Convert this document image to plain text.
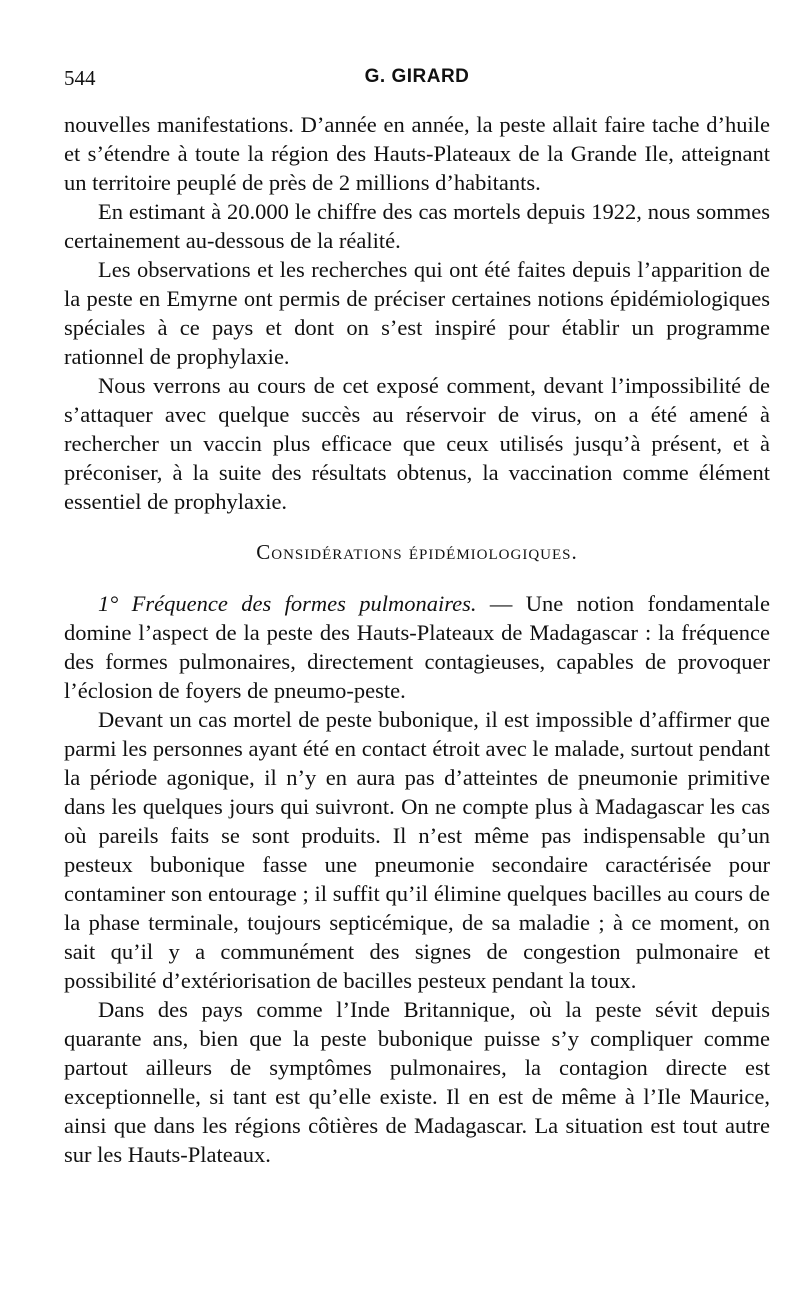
544	G. GIRARD

nouvelles manifestations. D’année en année, la peste allait faire tache d’huile et s’étendre à toute la région des Hauts-Plateaux de la Grande Ile, atteignant un territoire peuplé de près de 2 millions d’habitants.

En estimant à 20.000 le chiffre des cas mortels depuis 1922, nous sommes certainement au-dessous de la réalité.

Les observations et les recherches qui ont été faites depuis l’apparition de la peste en Emyrne ont permis de préciser certaines notions épidémiologiques spéciales à ce pays et dont on s’est inspiré pour établir un programme rationnel de prophylaxie.

Nous verrons au cours de cet exposé comment, devant l’impossibilité de s’attaquer avec quelque succès au réservoir de virus, on a été amené à rechercher un vaccin plus efficace que ceux utilisés jusqu’à présent, et à préconiser, à la suite des résultats obtenus, la vaccination comme élément essentiel de prophylaxie.

Considérations épidémiologiques.

1° Fréquence des formes pulmonaires. — Une notion fondamentale domine l’aspect de la peste des Hauts-Plateaux de Madagascar : la fréquence des formes pulmonaires, directement contagieuses, capables de provoquer l’éclosion de foyers de pneumo-peste.

Devant un cas mortel de peste bubonique, il est impossible d’affirmer que parmi les personnes ayant été en contact étroit avec le malade, surtout pendant la période agonique, il n’y en aura pas d’atteintes de pneumonie primitive dans les quelques jours qui suivront. On ne compte plus à Madagascar les cas où pareils faits se sont produits. Il n’est même pas indispensable qu’un pesteux bubonique fasse une pneumonie secondaire caractérisée pour contaminer son entourage ; il suffit qu’il élimine quelques bacilles au cours de la phase terminale, toujours septicémique, de sa maladie ; à ce moment, on sait qu’il y a communément des signes de congestion pulmonaire et possibilité d’extériorisation de bacilles pesteux pendant la toux.

Dans des pays comme l’Inde Britannique, où la peste sévit depuis quarante ans, bien que la peste bubonique puisse s’y compliquer comme partout ailleurs de symptômes pulmonaires, la contagion directe est exceptionnelle, si tant est qu’elle existe. Il en est de même à l’Ile Maurice, ainsi que dans les régions côtières de Madagascar. La situation est tout autre sur les Hauts-Plateaux.
